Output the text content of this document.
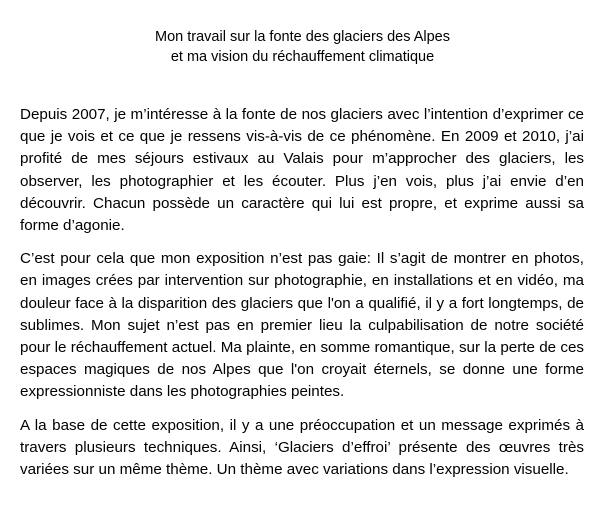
Mon travail sur la fonte des glaciers des Alpes
et ma vision du réchauffement climatique

Depuis 2007, je m’intéresse à la fonte de nos glaciers avec l’intention d’exprimer ce que je vois et ce que je ressens vis-à-vis de ce phénomène. En 2009 et 2010, j’ai profité de mes séjours estivaux au Valais pour m’approcher des glaciers, les observer, les photographier et les écouter. Plus j’en vois, plus j’ai envie d’en découvrir. Chacun possède un caractère qui lui est propre, et exprime aussi sa forme d’agonie.

C’est pour cela que mon exposition n’est pas gaie: Il s’agit de montrer en photos, en images crées par intervention sur photographie, en installations et en vidéo, ma douleur face à la disparition des glaciers que l'on a qualifié, il y a fort longtemps, de sublimes. Mon sujet n’est pas en premier lieu la culpabilisation de notre société pour le réchauffement actuel. Ma plainte, en somme romantique, sur la perte de ces espaces magiques de nos Alpes que l'on croyait éternels, se donne une forme expressionniste dans les photographies peintes.

A la base de cette exposition, il y a une préoccupation et un message exprimés à travers plusieurs techniques. Ainsi, ‘Glaciers d’effroi’ présente des œuvres très variées sur un même thème. Un thème avec variations dans l’expression visuelle.
